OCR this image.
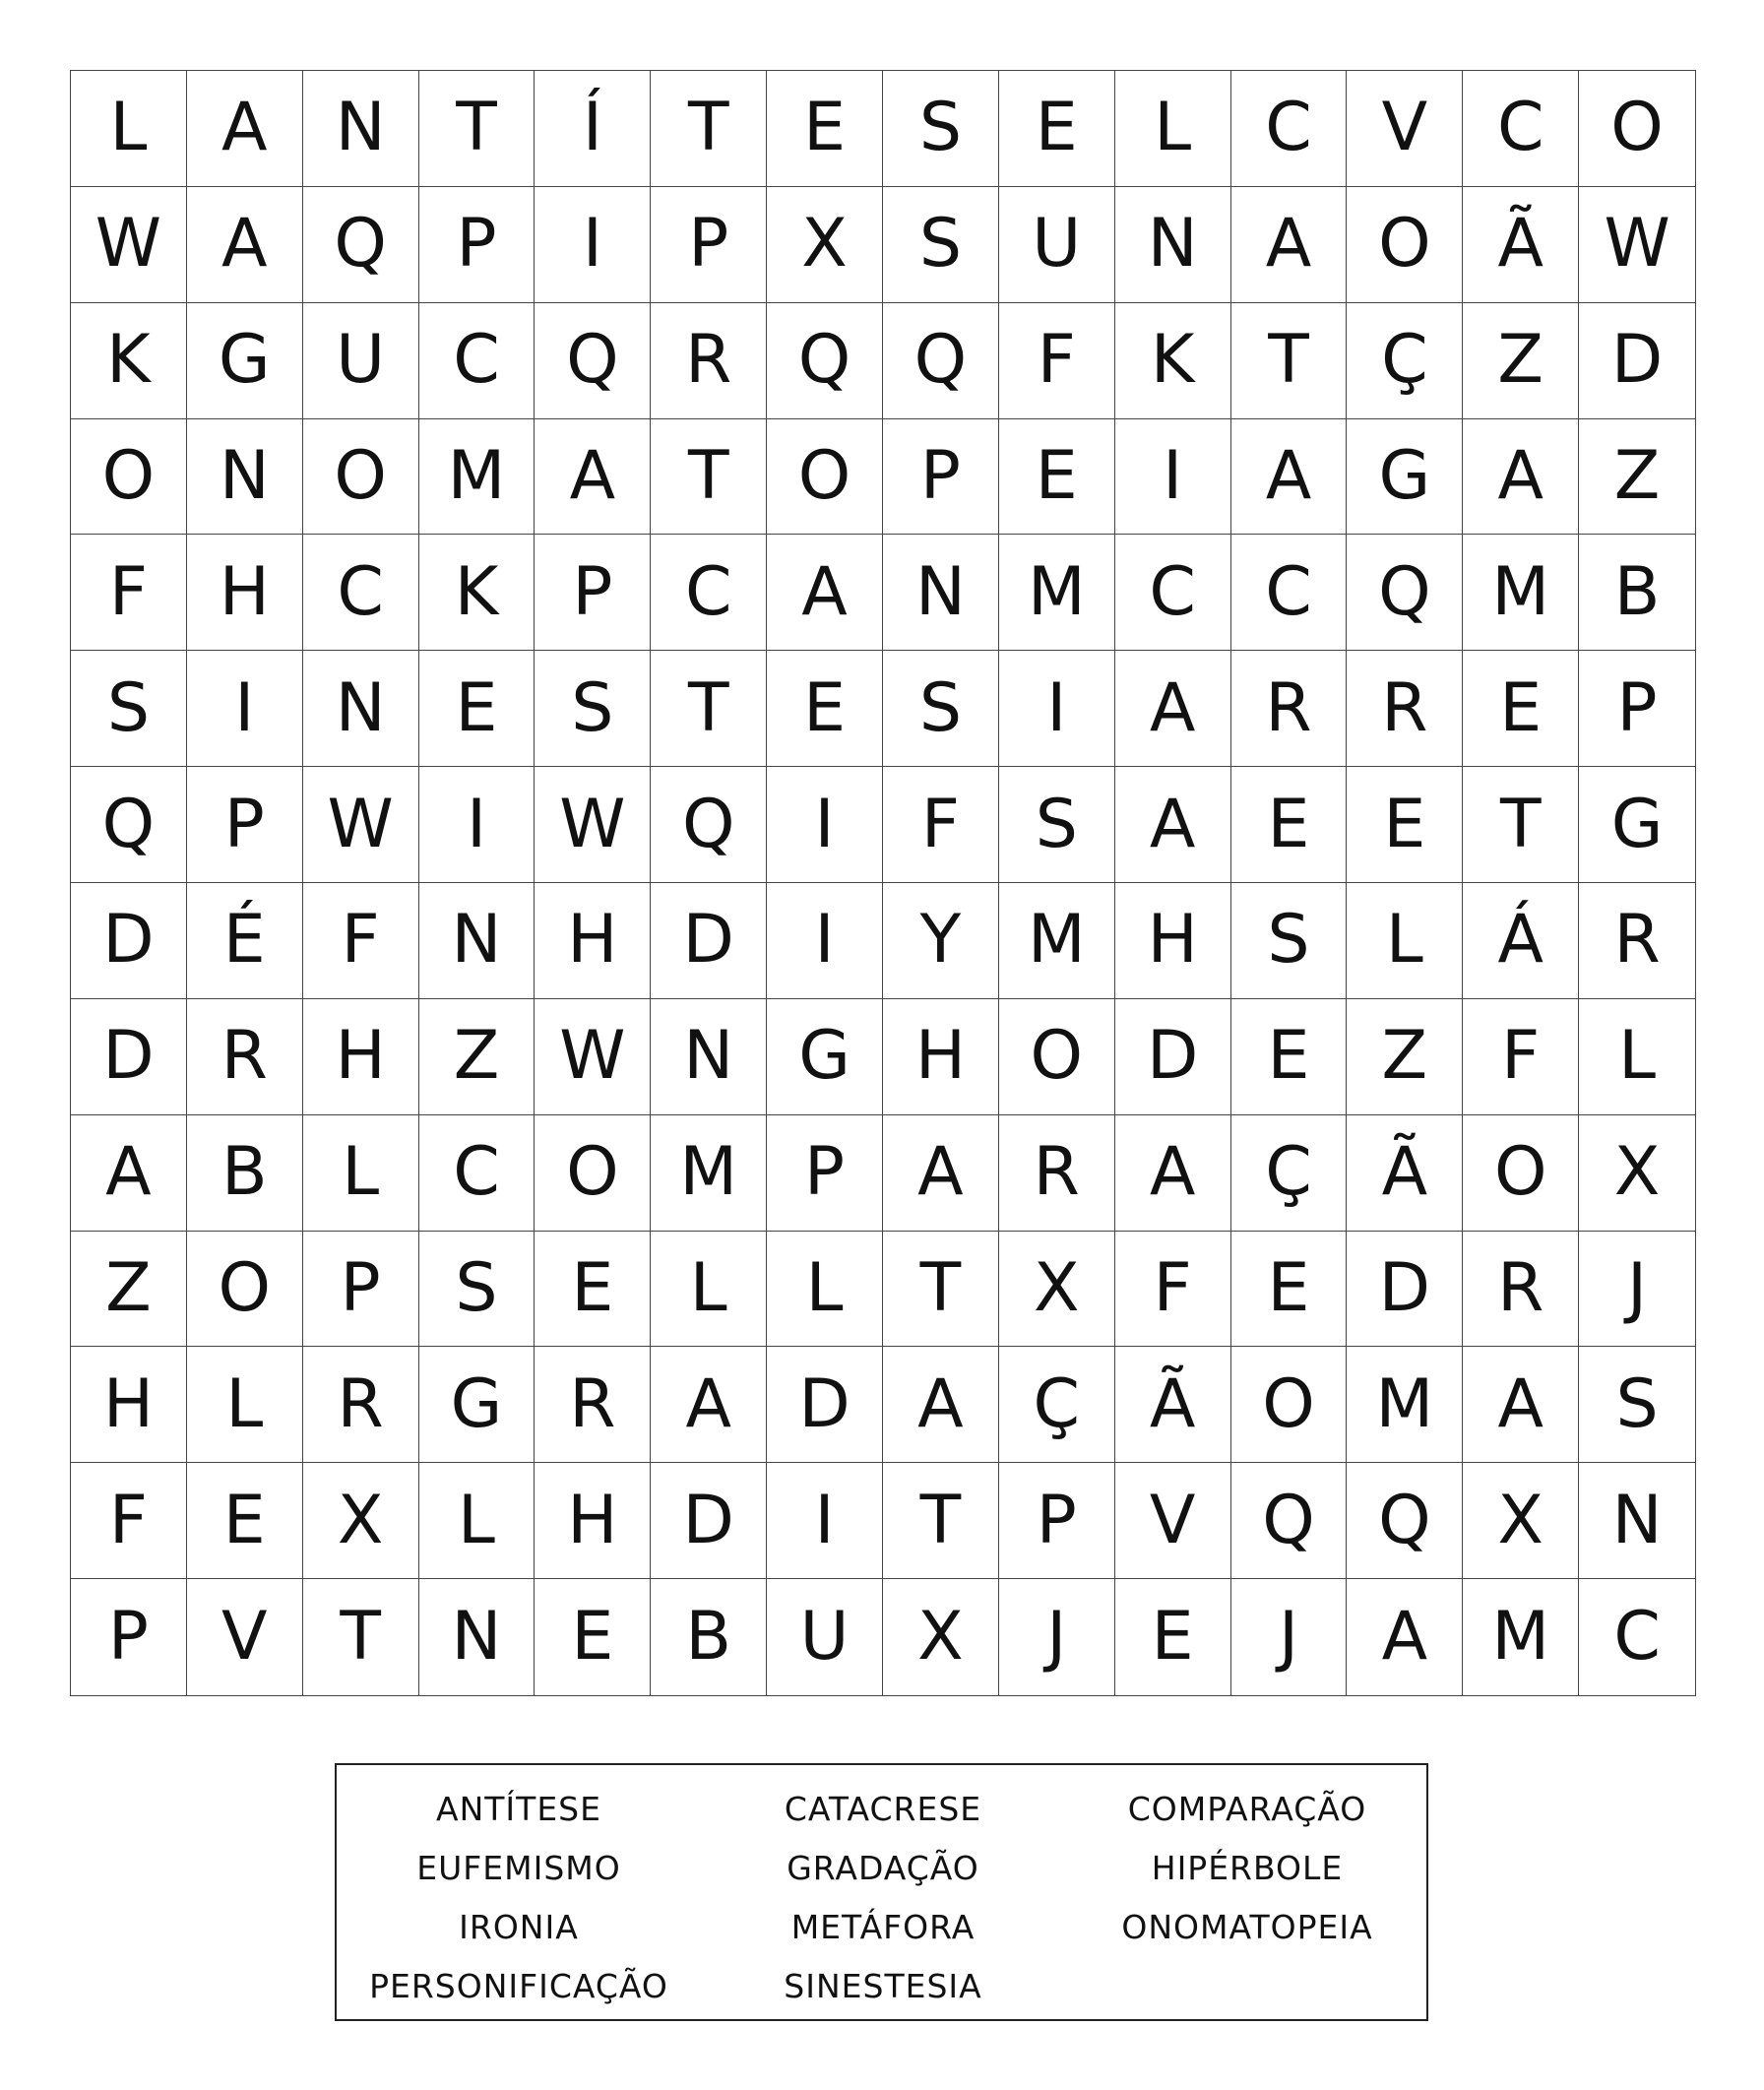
L	A	N	T	Í	T	E	S	E	L	C	V	C O
W A Q	P	I	P	X	S	U N	A O Ã W
K	G U	C Q R Q Q	F	K	T	Ç	Z	D
O N O M A	T	O	P	E	I	A	G	A	Z
F	H	C	K	P	C	A	N M C	C Q M B
S	I	N	E	S	T	E	S	I	A	R	R	E	P
Q	P W	I	W Q	I	F	S	A	E	E	T	G
D	É	F	N H D	I	Y M H	S	L	Á	R
D	R	H	Z W N G H O D	E	Z	F	L
A	B	L	C O M	P	A	R	A	Ç	Ã O	X
Z O	P	S	E	L	L	T	X	F	E	D	R	J
H	L	R G R	A	D	A	Ç	Ã O M A	S
F	E	X	L	H D	I	T	P	V Q Q X	N
P	V	T	N	E	B	U	X	J	E	J	A M C
ANTÍTESE	CATACRESE	COMPARAÇÃO
EUFEMISMO	GRADAÇÃO	HIPÉRBOLE
IRONIA	METÁFORA	ONOMATOPEIA
PERSONIFICAÇÃO	SINESTESIA
